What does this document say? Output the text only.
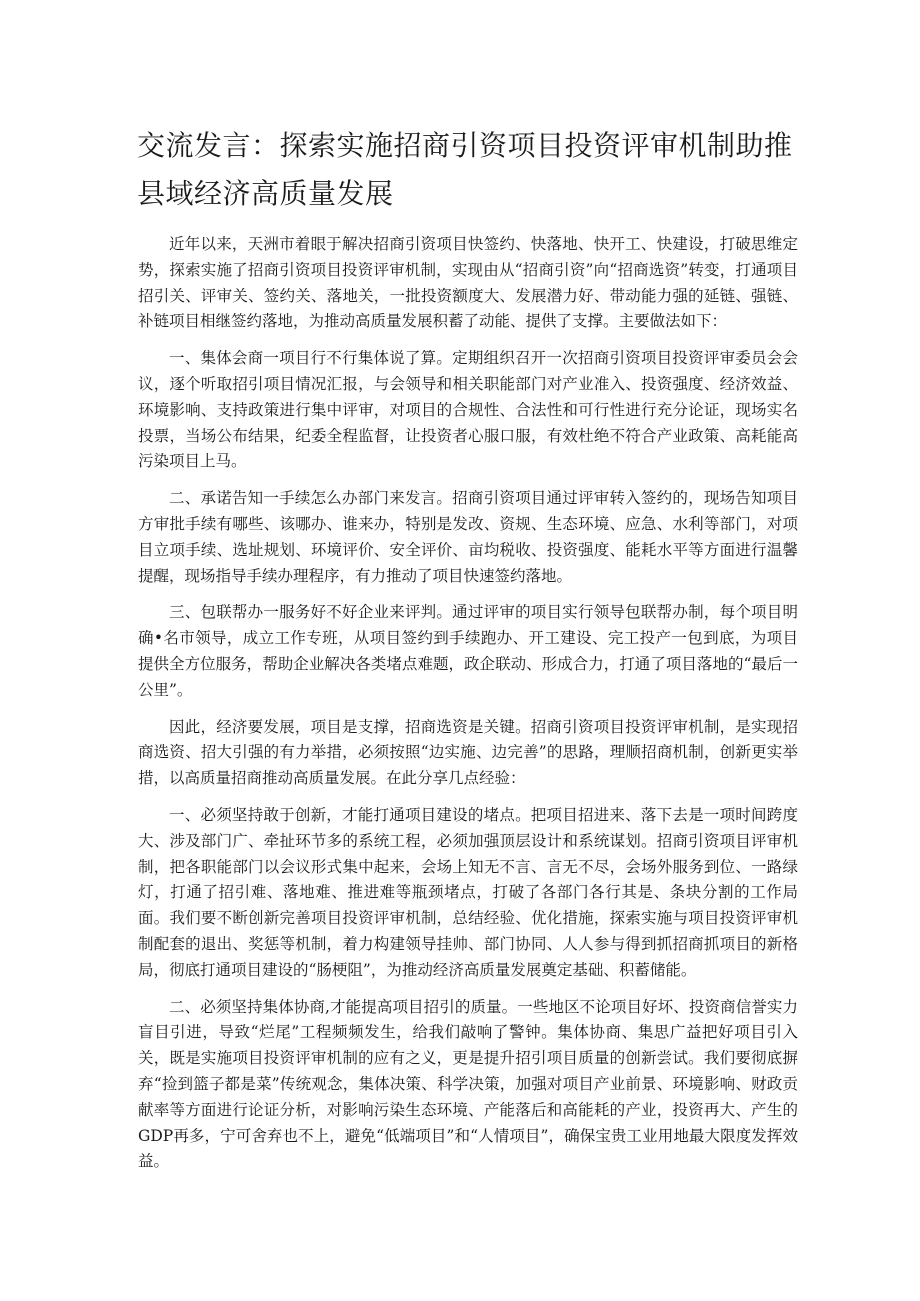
交流发言：探索实施招商引资项目投资评审机制助推县域经济高质量发展

近年以来，天洲市着眼于解决招商引资项目快签约、快落地、快开工、快建设，打破思维定势，探索实施了招商引资项目投资评审机制，实现由从“招商引资”向“招商选资”转变，打通项目招引关、评审关、签约关、落地关，一批投资额度大、发展潜力好、带动能力强的延链、强链、补链项目相继签约落地，为推动高质量发展积蓄了动能、提供了支撑。主要做法如下：

一、集体会商一项目行不行集体说了算。定期组织召开一次招商引资项目投资评审委员会会议，逐个听取招引项目情况汇报，与会领导和相关职能部门对产业准入、投资强度、经济效益、环境影响、支持政策进行集中评审，对项目的合规性、合法性和可行性进行充分论证，现场实名投票，当场公布结果，纪委全程监督，让投资者心服口服，有效杜绝不符合产业政策、高耗能高污染项目上马。

二、承诺告知一手续怎么办部门来发言。招商引资项目通过评审转入签约的，现场告知项目方审批手续有哪些、该哪办、谁来办，特别是发改、资规、生态环境、应急、水利等部门，对项目立项手续、选址规划、环境评价、安全评价、亩均税收、投资强度、能耗水平等方面进行温馨提醒，现场指导手续办理程序，有力推动了项目快速签约落地。

三、包联帮办一服务好不好企业来评判。通过评审的项目实行领导包联帮办制，每个项目明确•名市领导，成立工作专班，从项目签约到手续跑办、开工建设、完工投产一包到底，为项目提供全方位服务，帮助企业解决各类堵点难题，政企联动、形成合力，打通了项目落地的“最后一公里”。

因此，经济要发展，项目是支撑，招商选资是关键。招商引资项目投资评审机制，是实现招商选资、招大引强的有力举措，必须按照“边实施、边完善”的思路，理顺招商机制，创新更实举措，以高质量招商推动高质量发展。在此分享几点经验：

一、必须坚持敢于创新，才能打通项目建设的堵点。把项目招进来、落下去是一项时间跨度大、涉及部门广、牵扯环节多的系统工程，必须加强顶层设计和系统谋划。招商引资项目评审机制，把各职能部门以会议形式集中起来，会场上知无不言、言无不尽，会场外服务到位、一路绿灯，打通了招引难、落地难、推进难等瓶颈堵点，打破了各部门各行其是、条块分割的工作局面。我们要不断创新完善项目投资评审机制，总结经验、优化措施，探索实施与项目投资评审机制配套的退出、奖惩等机制，着力构建领导挂帅、部门协同、人人参与得到抓招商抓项目的新格局，彻底打通项目建设的“肠梗阻”，为推动经济高质量发展奠定基础、积蓄储能。

二、必须坚持集体协商,才能提高项目招引的质量。一些地区不论项目好坏、投资商信誉实力盲目引进，导致“烂尾”工程频频发生，给我们敲响了警钟。集体协商、集思广益把好项目引入关，既是实施项目投资评审机制的应有之义，更是提升招引项目质量的创新尝试。我们要彻底摒弃“捡到篮子都是菜”传统观念，集体决策、科学决策，加强对项目产业前景、环境影响、财政贡献率等方面进行论证分析，对影响污染生态环境、产能落后和高能耗的产业，投资再大、产生的GDP再多，宁可舍弃也不上，避免“低端项目”和“人情项目”，确保宝贵工业用地最大限度发挥效益。
